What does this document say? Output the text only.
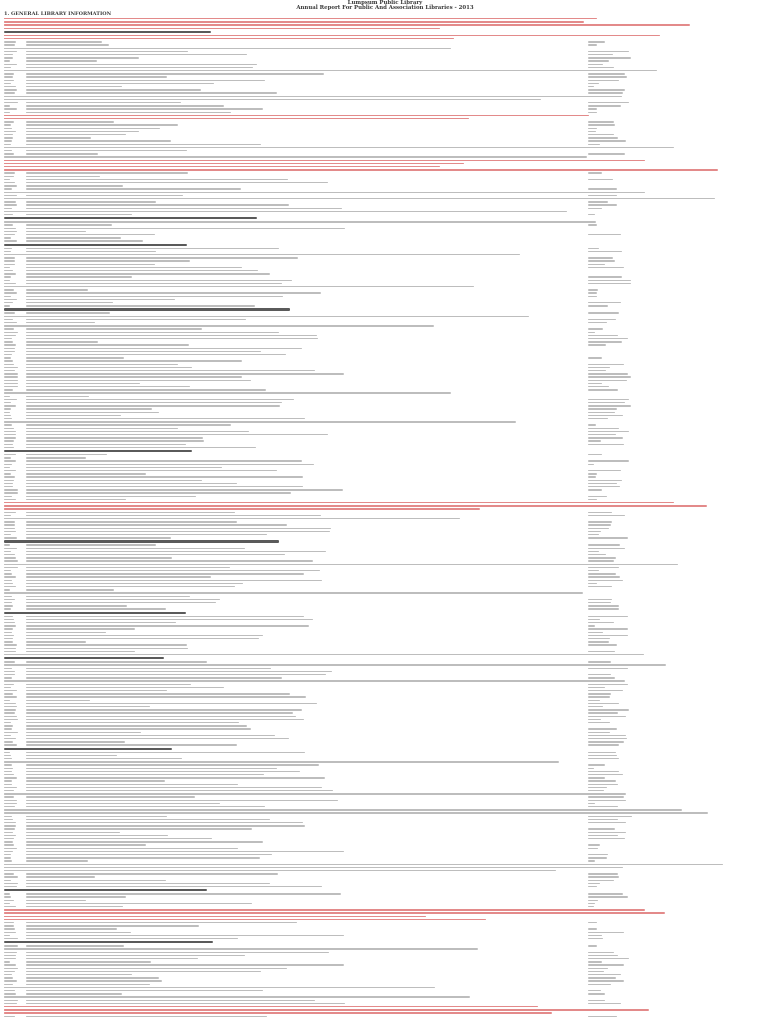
Lumpsum Public Library
Annual Report For Public And Association Libraries - 2013
1. GENERAL LIBRARY INFORMATION
